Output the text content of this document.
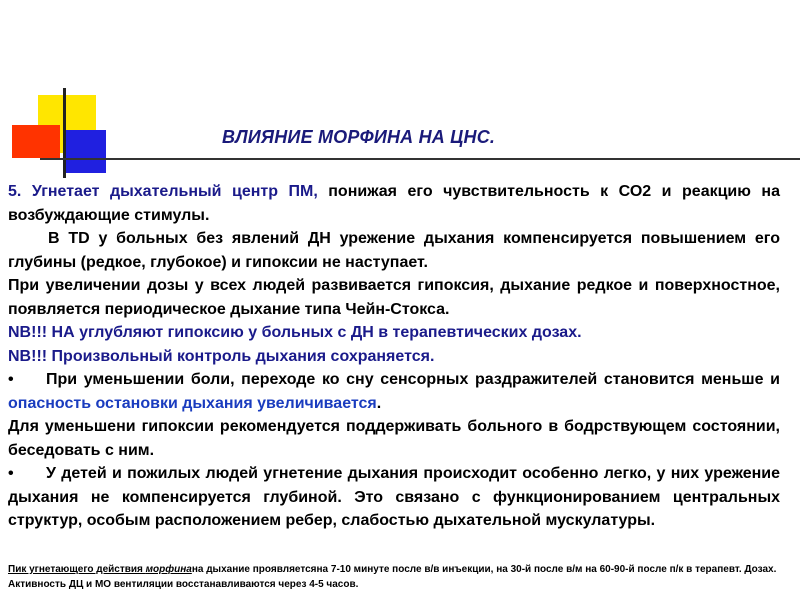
ВЛИЯНИЕ МОРФИНА НА ЦНС.

5. Угнетает дыхательный центр ПМ, понижая его чувствительность к СО2 и реакцию на возбуждающие стимулы.

В ТD у больных без явлений ДН урежение дыхания компенсируется повышением его глубины (редкое, глубокое) и гипоксии не наступает.

При увеличении дозы у всех людей развивается гипоксия, дыхание редкое и поверхностное, появляется периодическое дыхание типа Чейн-Стокса.

NB!!! НА углубляют гипоксию у больных с ДН в терапевтических дозах.

NB!!! Произвольный контроль дыхания сохраняется.

• При уменьшении боли, переходе ко сну сенсорных раздражителей становится меньше и опасность остановки дыхания увеличивается.

Для уменьшени гипоксии рекомендуется поддерживать больного в бодрствующем состоянии, беседовать с ним.

• У детей и пожилых людей угнетение дыхания происходит особенно легко, у них урежение дыхания не компенсируется глубиной. Это связано с функционированием центральных структур, особым расположением ребер, слабостью дыхательной мускулатуры.

Пик угнетающего действия морфинана дыхание проявляетсяна 7-10 минуте после в/в инъекции, на 30-й после в/м на 60-90-й после п/к в терапевт. Дозах. Активность ДЦ и МО вентиляции восстанавливаются через 4-5 часов.
